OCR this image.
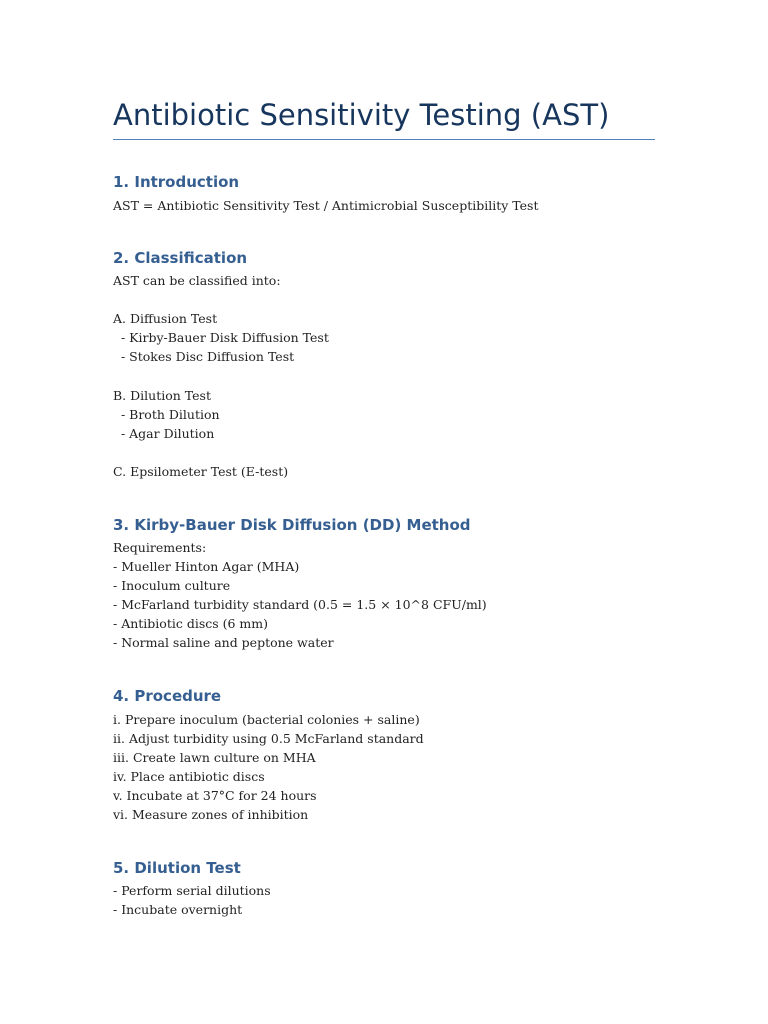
Antibiotic Sensitivity Testing (AST)
1. Introduction
AST = Antibiotic Sensitivity Test / Antimicrobial Susceptibility Test
2. Classification
AST can be classified into:
A. Diffusion Test
- Kirby-Bauer Disk Diffusion Test
- Stokes Disc Diffusion Test
B. Dilution Test
- Broth Dilution
- Agar Dilution
C. Epsilometer Test (E-test)
3. Kirby-Bauer Disk Diffusion (DD) Method
Requirements:
- Mueller Hinton Agar (MHA)
- Inoculum culture
- McFarland turbidity standard (0.5 = 1.5 × 10^8 CFU/ml)
- Antibiotic discs (6 mm)
- Normal saline and peptone water
4. Procedure
i. Prepare inoculum (bacterial colonies + saline)
ii. Adjust turbidity using 0.5 McFarland standard
iii. Create lawn culture on MHA
iv. Place antibiotic discs
v. Incubate at 37°C for 24 hours
vi. Measure zones of inhibition
5. Dilution Test
- Perform serial dilutions
- Incubate overnight
